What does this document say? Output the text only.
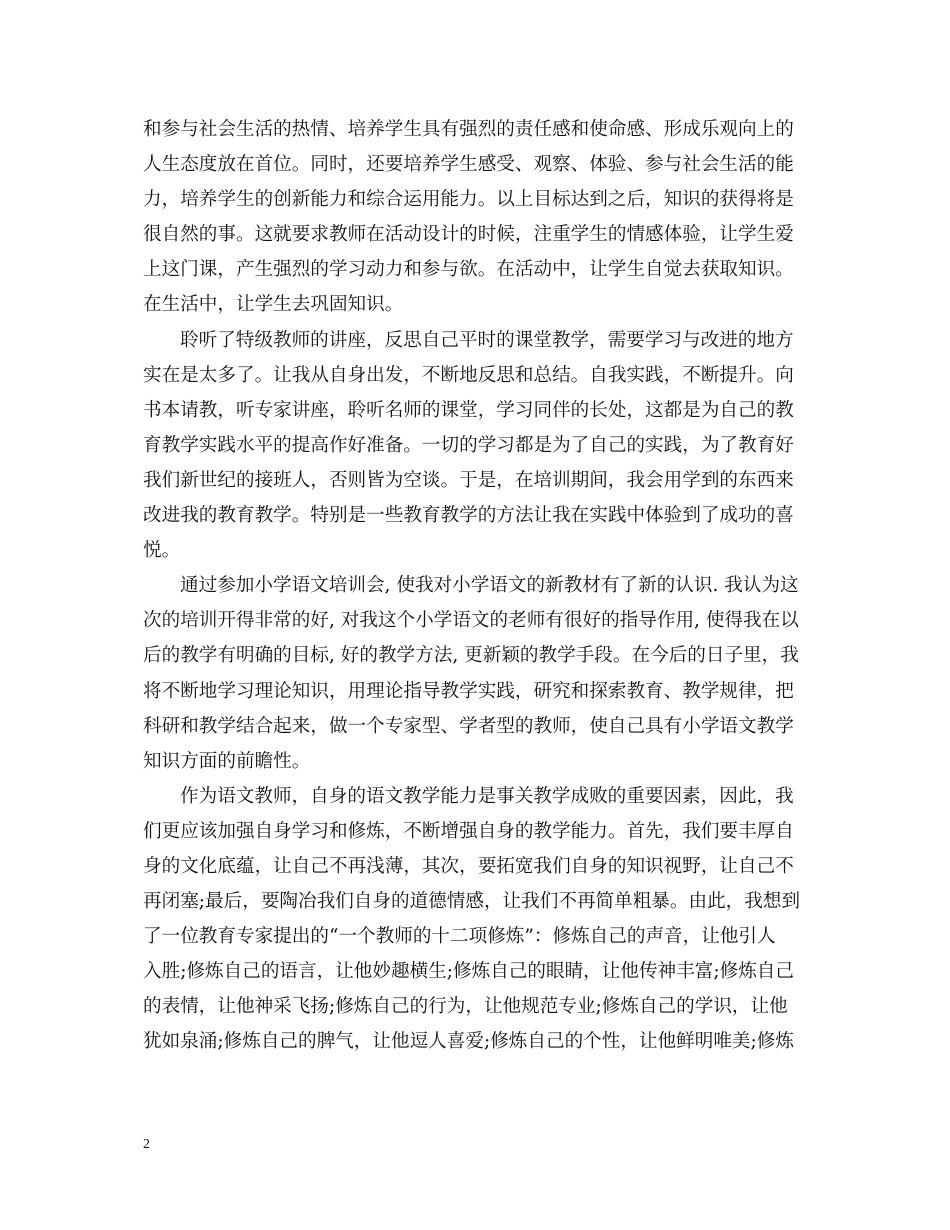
和参与社会生活的热情、培养学生具有强烈的责任感和使命感、形成乐观向上的
人生态度放在首位。同时，还要培养学生感受、观察、体验、参与社会生活的能
力，培养学生的创新能力和综合运用能力。以上目标达到之后，知识的获得将是
很自然的事。这就要求教师在活动设计的时候，注重学生的情感体验，让学生爱
上这门课，产生强烈的学习动力和参与欲。在活动中，让学生自觉去获取知识。
在生活中，让学生去巩固知识。

聆听了特级教师的讲座，反思自己平时的课堂教学，需要学习与改进的地方
实在是太多了。让我从自身出发，不断地反思和总结。自我实践，不断提升。向
书本请教，听专家讲座，聆听名师的课堂，学习同伴的长处，这都是为自己的教
育教学实践水平的提高作好准备。一切的学习都是为了自己的实践，为了教育好
我们新世纪的接班人，否则皆为空谈。于是，在培训期间，我会用学到的东西来
改进我的教育教学。特别是一些教育教学的方法让我在实践中体验到了成功的喜
悦。

通过参加小学语文培训会, 使我对小学语文的新教材有了新的认识. 我认为这
次的培训开得非常的好, 对我这个小学语文的老师有很好的指导作用, 使得我在以
后的教学有明确的目标, 好的教学方法, 更新颖的教学手段。在今后的日子里，我
将不断地学习理论知识，用理论指导教学实践，研究和探索教育、教学规律，把
科研和教学结合起来，做一个专家型、学者型的教师，使自己具有小学语文教学
知识方面的前瞻性。

作为语文教师，自身的语文教学能力是事关教学成败的重要因素，因此，我
们更应该加强自身学习和修炼，不断增强自身的教学能力。首先，我们要丰厚自
身的文化底蕴，让自己不再浅薄，其次，要拓宽我们自身的知识视野，让自己不
再闭塞;最后，要陶冶我们自身的道德情感，让我们不再简单粗暴。由此，我想到
了一位教育专家提出的“一个教师的十二项修炼”：修炼自己的声音，让他引人
入胜;修炼自己的语言，让他妙趣横生;修炼自己的眼睛，让他传神丰富;修炼自己
的表情，让他神采飞扬;修炼自己的行为，让他规范专业;修炼自己的学识，让他
犹如泉涌;修炼自己的脾气，让他逗人喜爱;修炼自己的个性，让他鲜明唯美;修炼

2
